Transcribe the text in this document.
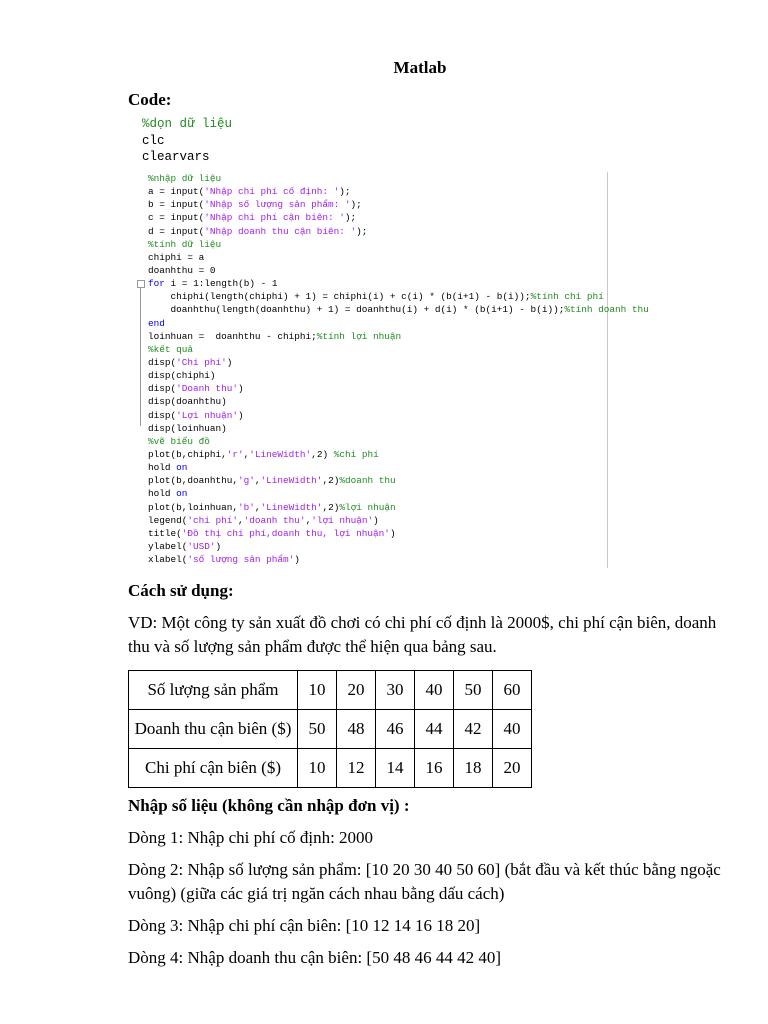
Matlab
Code:
%dọn dữ liệu
clc
clearvars
%nhập dữ liệu
a = input('Nhập chi phí cố định: ');
b = input('Nhập số lượng sản phẩm: ');
c = input('Nhập chi phí cận biên: ');
d = input('Nhập doanh thu cận biên: ');
%tính dữ liệu
chiphi = a
doanhthu = 0
for i = 1:length(b) - 1
chiphi(length(chiphi) + 1) = chiphi(i) + c(i) * (b(i+1) - b(i));%tính chi phí
doanhthu(length(doanhthu) + 1) = doanhthu(i) + d(i) * (b(i+1) - b(i));%tính doanh thu
end
loinhuan =  doanhthu - chiphi;%tính lợi nhuận
%kết quả
disp('Chi phí')
disp(chiphi)
disp('Doanh thu')
disp(doanhthu)
disp('Lợi nhuận')
disp(loinhuan)
%vẽ biểu đồ
plot(b,chiphi,'r','LineWidth',2) %chi phí
hold on
plot(b,doanhthu,'g','LineWidth',2)%doanh thu
hold on
plot(b,loinhuan,'b','LineWidth',2)%lợi nhuận
legend('chi phí','doanh thu','lợi nhuận')
title('Đồ thị chi phí,doanh thu, lợi nhuận')
ylabel('USD')
xlabel('số lượng sản phẩm')
Cách sử dụng:
VD: Một công ty sản xuất đồ chơi có chi phí cố định là 2000$, chi phí cận biên, doanh thu và số lượng sản phẩm được thể hiện qua bảng sau.
Số lượng sản phẩm	10	20	30	40	50	60
Doanh thu cận biên ($)	50	48	46	44	42	40
Chi phí cận biên ($)	10	12	14	16	18	20
Nhập số liệu (không cần nhập đơn vị) :
Dòng 1: Nhập chi phí cố định: 2000
Dòng 2: Nhập số lượng sản phẩm: [10 20 30 40 50 60] (bắt đầu và kết thúc bằng ngoặc vuông) (giữa các giá trị ngăn cách nhau bằng dấu cách)
Dòng 3: Nhập chi phí cận biên: [10 12 14 16 18 20]
Dòng 4: Nhập doanh thu cận biên: [50 48 46 44 42 40]
